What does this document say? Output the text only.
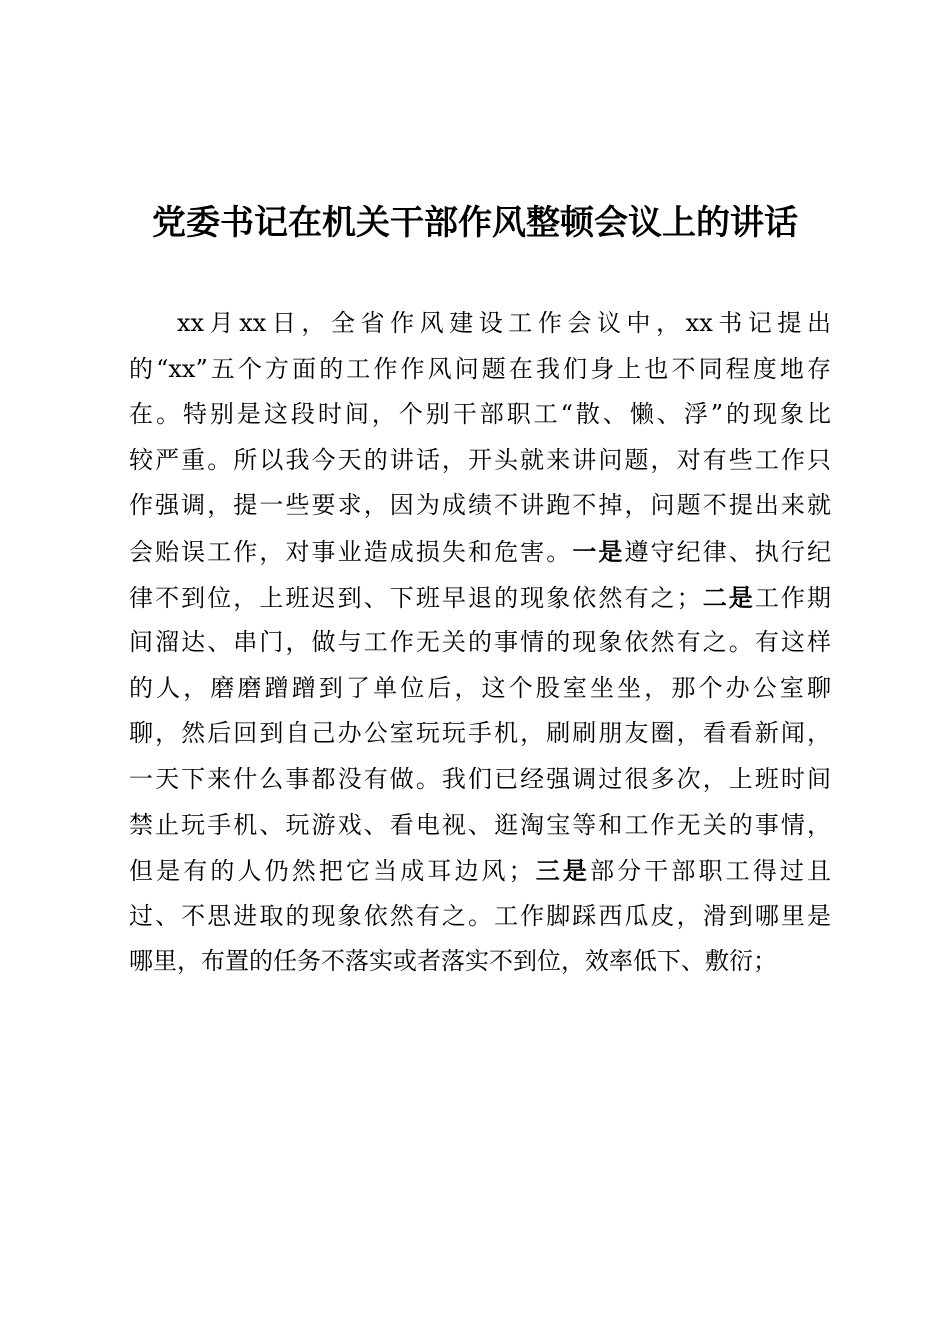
党委书记在机关干部作风整顿会议上的讲话
xx月xx日，全省作风建设工作会议中，xx书记提出
的“xx”五个方面的工作作风问题在我们身上也不同程度地存
在。特别是这段时间，个别干部职工“散、懒、浮”的现象比
较严重。所以我今天的讲话，开头就来讲问题，对有些工作只
作强调，提一些要求，因为成绩不讲跑不掉，问题不提出来就
会贻误工作，对事业造成损失和危害。一是遵守纪律、执行纪
律不到位，上班迟到、下班早退的现象依然有之；二是工作期
间溜达、串门，做与工作无关的事情的现象依然有之。有这样
的人，磨磨蹭蹭到了单位后，这个股室坐坐，那个办公室聊
聊，然后回到自己办公室玩玩手机，刷刷朋友圈，看看新闻，
一天下来什么事都没有做。我们已经强调过很多次，上班时间
禁止玩手机、玩游戏、看电视、逛淘宝等和工作无关的事情，
但是有的人仍然把它当成耳边风；三是部分干部职工得过且
过、不思进取的现象依然有之。工作脚踩西瓜皮，滑到哪里是
哪里，布置的任务不落实或者落实不到位，效率低下、敷衍；
